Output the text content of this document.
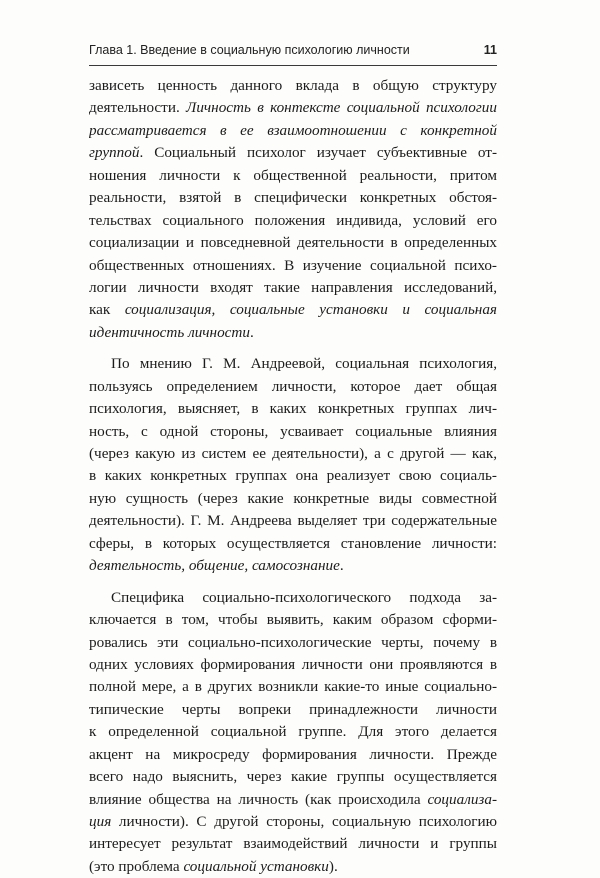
Глава 1. Введение в социальную психологию личности	11
зависеть ценность данного вклада в общую структуру
деятельности. Личность в контексте социальной психологии
рассматривается в ее взаимоотношении с конкретной
группой. Социальный психолог изучает субъективные от-
ношения личности к общественной реальности, притом
реальности, взятой в специфически конкретных обстоя-
тельствах социального положения индивида, условий его
социализации и повседневной деятельности в определенных
общественных отношениях. В изучение социальной психо-
логии личности входят такие направления исследований,
как социализация, социальные установки и социальная
идентичность личности.
По мнению Г. М. Андреевой, социальная психология,
пользуясь определением личности, которое дает общая
психология, выясняет, в каких конкретных группах лич-
ность, с одной стороны, усваивает социальные влияния
(через какую из систем ее деятельности), а с другой — как,
в каких конкретных группах она реализует свою социаль-
ную сущность (через какие конкретные виды совместной
деятельности). Г. М. Андреева выделяет три содержательные
сферы, в которых осуществляется становление личности:
деятельность, общение, самосознание.
Специфика социально-психологического подхода за-
ключается в том, чтобы выявить, каким образом сформи-
ровались эти социально-психологические черты, почему в
одних условиях формирования личности они проявляются в
полной мере, а в других возникли какие-то иные социально-
типические черты вопреки принадлежности личности
к определенной социальной группе. Для этого делается
акцент на микросреду формирования личности. Прежде
всего надо выяснить, через какие группы осуществляется
влияние общества на личность (как происходила социализа-
ция личности). С другой стороны, социальную психологию
интересует результат взаимодействий личности и группы
(это проблема социальной установки).
